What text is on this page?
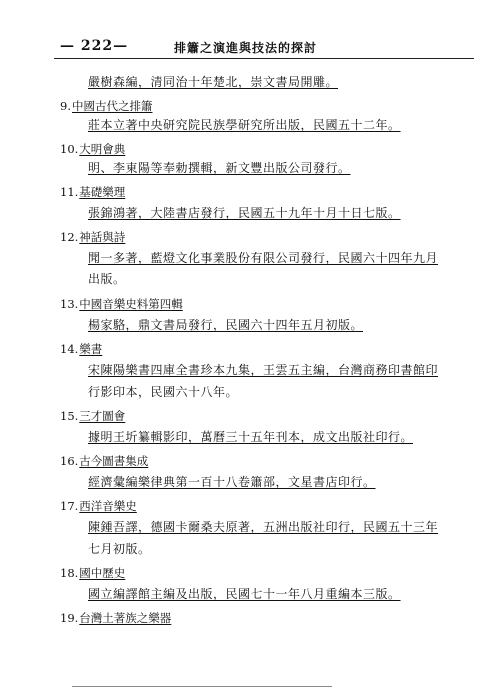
— 222—	排簫之演進與技法的探討
嚴樹森編，清同治十年楚北，崇文書局開雕。
9.中國古代之排簫
莊本立著中央研究院民族學研究所出版，民國五十二年。
10.大明會典
明、李東陽等奉勅撰輯，新文豐出版公司發行。
11.基礎樂理
張錦鴻著，大陸書店發行，民國五十九年十月十日七版。
12.神話與詩
聞一多著，藍燈文化事業股份有限公司發行，民國六十四年九月
出版。
13.中國音樂史料第四輯
楊家駱，鼎文書局發行，民國六十四年五月初版。
14.樂書
宋陳陽樂書四庫全書珍本九集，王雲五主編，台灣商務印書館印
行影印本，民國六十八年。
15.三才圖會
據明王圻纂輯影印，萬曆三十五年刊本，成文出版社印行。
16.古今圖書集成
經濟彙編樂律典第一百十八卷簫部，文星書店印行。
17.西洋音樂史
陳鍾吾譯，德國卡爾桑夫原著，五洲出版社印行，民國五十三年
七月初版。
18.國中歷史
國立編譯館主編及出版，民國七十一年八月重編本三版。
19.台灣土著族之樂器
